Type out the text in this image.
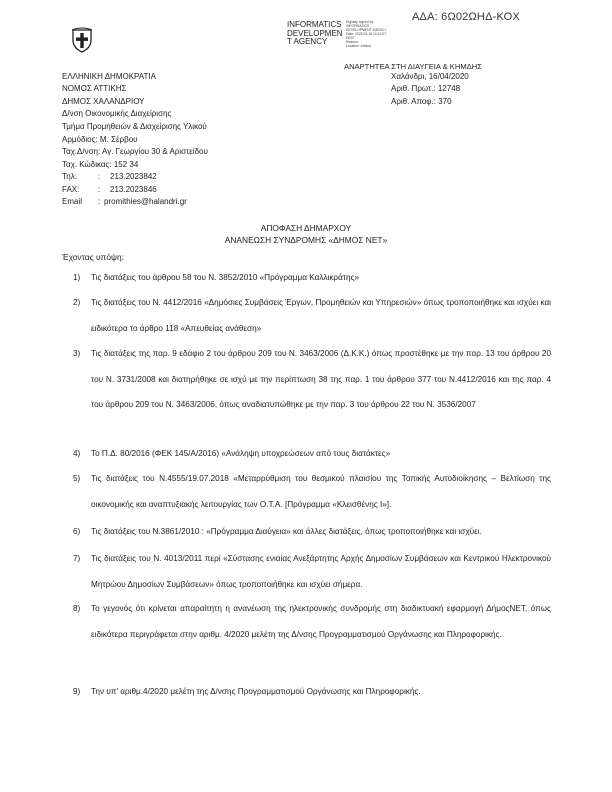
ΑΔΑ: 6Ω02ΩΗΔ-ΚΟΧ
INFORMATICS
DEVELOPMEN
T AGENCY
Digitally signed by
INFORMATICS
DEVELOPMENT AGENCY
Date: 2020.04.16 15:10:07
EEST
Reason:
Location: Athens
ΑΝΑΡΤΗΤΕΑ ΣΤΗ ΔΙΑΥΓΕΙΑ & ΚΗΜΔΗΣ
ΕΛΛΗΝΙΚΗ ΔΗΜΟΚΡΑΤΙΑ
ΝΟΜΟΣ ΑΤΤΙΚΗΣ
ΔΗΜΟΣ ΧΑΛΑΝΔΡΙΟΥ
Δ/νση Οικονομικής Διαχείρισης
Τμήμα Προμηθειών & Διαχείρισης Υλικού
Αρμόδιος: Μ. Σέρβου
Ταχ.Δ/νση: Αγ. Γεωργίου 30 & Αριστείδου
Ταχ. Κώδικας: 152 34
Τηλ:	: 213.2023842
FAX: : 213.2023846
Email : promithies@halandri.gr
Χαλάνδρι, 16/04/2020
Αριθ. Πρωτ.: 12748
Αριθ. Αποφ.: 370
ΑΠΟΦΑΣΗ ΔΗΜΑΡΧΟΥ
ΑΝΑΝΕΩΣΗ ΣΥΝΔΡΟΜΗΣ «ΔΗΜΟΣ NET»
Έχοντας υπόψη:
1) Τις διατάξεις του άρθρου 58 του Ν. 3852/2010 «Πρόγραμμα Καλλικράτης»
2) Τις διατάξεις του Ν. 4412/2016 «Δημόσιες Συμβάσεις Έργων, Προμηθειών και Υπηρεσιών» όπως τροποποιήθηκε και ισχύει και ειδικότερα το άρθρο 118 «Απευθείας ανάθεση»
3) Τις διατάξεις της παρ. 9 εδάφιο 2 του άρθρου 209 του Ν. 3463/2006 (Δ.Κ.Κ.) όπως προστέθηκε με την παρ. 13 του άρθρου 20 του Ν. 3731/2008 και διατηρήθηκε σε ισχύ με την περίπτωση 38 της παρ. 1 του άρθρου 377 του Ν.4412/2016 και της παρ. 4 του άρθρου 209 του Ν. 3463/2006, όπως αναδιατυπώθηκε με την παρ. 3 του άρθρου 22 του Ν. 3536/2007
4) Το Π.Δ. 80/2016 (ΦΕΚ 145/Α/2016) «Ανάληψη υποχρεώσεων από τους διατάκτες»
5) Τις διατάξεις του Ν.4555/19.07.2018 «Μεταρρύθμιση του θεσμικού πλαισίου της Τοπικής Αυτοδιοίκησης – Βελτίωση της οικονομικής και αναπτυξιακής λειτουργίας των Ο.Τ.Α. [Πρόγραμμα «Κλεισθένης Ι»].
6) Τις διατάξεις του Ν.3861/2010 : «Πρόγραμμα Διαύγεια» και άλλες διατάξεις, όπως τροποποιήθηκε και ισχύει.
7) Τις διατάξεις του Ν. 4013/2011 περί «Σύστασης ενιαίας Ανεξάρτητης Αρχής Δημοσίων Συμβάσεων και Κεντρικού Ηλεκτρονικού Μητρώου Δημοσίων Συμβάσεων» όπως τροποποιήθηκε και ισχύει σήμερα.
8) Το γεγονός ότι κρίνεται απαραίτητη η ανανέωση της ηλεκτρονικής συνδρομής στη διαδικτυακή εφαρμογή ΔήμοςNET, όπως ειδικότερα περιγράφεται στην αριθμ. 4/2020 μελέτη της Δ/νσης Προγραμματισμού Οργάνωσης και Πληροφορικής.
9) Την υπ' αριθμ.4/2020 μελέτη της Δ/νσης Προγραμματισμού Οργάνωσης και Πληροφορικής.
